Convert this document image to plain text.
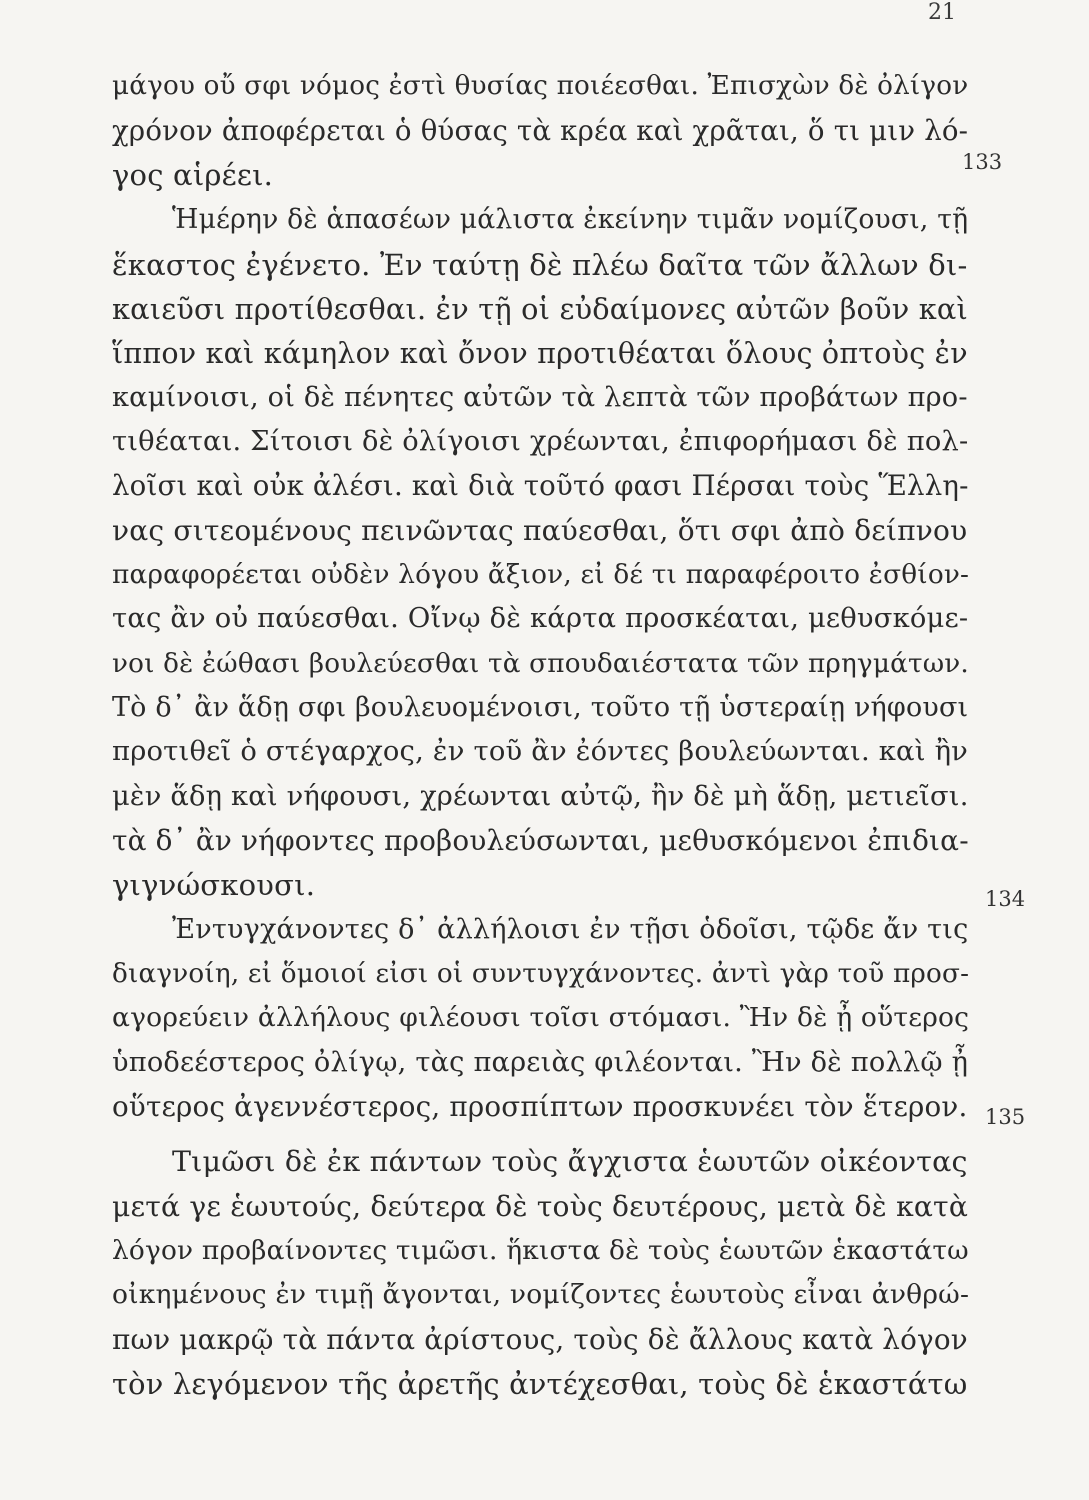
21
133
134
135
μάγου οὔ σφι νόμος ἐστὶ θυσίας ποιέεσθαι. Ἐπισχὼν δὲ ὀλίγον
χρόνον ἀποφέρεται ὁ θύσας τὰ κρέα καὶ χρᾶται, ὅ τι μιν λό-
γος αἱρέει.
Ἡμέρην δὲ ἁπασέων μάλιστα ἐκείνην τιμᾶν νομίζουσι, τῇ
ἕκαστος ἐγένετο. Ἐν ταύτῃ δὲ πλέω δαῖτα τῶν ἄλλων δι-
καιεῦσι προτίθεσθαι. ἐν τῇ οἱ εὐδαίμονες αὐτῶν βοῦν καὶ
ἵππον καὶ κάμηλον καὶ ὄνον προτιθέαται ὅλους ὀπτοὺς ἐν
καμίνοισι, οἱ δὲ πένητες αὐτῶν τὰ λεπτὰ τῶν προβάτων προ-
τιθέαται. Σίτοισι δὲ ὀλίγοισι χρέωνται, ἐπιφορήμασι δὲ πολ-
λοῖσι καὶ οὐκ ἀλέσι. καὶ διὰ τοῦτό φασι Πέρσαι τοὺς Ἕλλη-
νας σιτεομένους πεινῶντας παύεσθαι, ὅτι σφι ἀπὸ δείπνου
παραφορέεται οὐδὲν λόγου ἄξιον, εἰ δέ τι παραφέροιτο ἐσθίον-
τας ἂν οὐ παύεσθαι. Οἴνῳ δὲ κάρτα προσκέαται, μεθυσκόμε-
νοι δὲ ἐώθασι βουλεύεσθαι τὰ σπουδαιέστατα τῶν πρηγμάτων.
Τὸ δ᾽ ἂν ἅδῃ σφι βουλευομένοισι, τοῦτο τῇ ὑστεραίῃ νήφουσι
προτιθεῖ ὁ στέγαρχος, ἐν τοῦ ἂν ἐόντες βουλεύωνται. καὶ ἢν
μὲν ἅδῃ καὶ νήφουσι, χρέωνται αὐτῷ, ἢν δὲ μὴ ἅδῃ, μετιεῖσι.
τὰ δ᾽ ἂν νήφοντες προβουλεύσωνται, μεθυσκόμενοι ἐπιδια-
γιγνώσκουσι.
Ἐντυγχάνοντες δ᾽ ἀλλήλοισι ἐν τῇσι ὁδοῖσι, τῷδε ἄν τις
διαγνοίη, εἰ ὅμοιοί εἰσι οἱ συντυγχάνοντες. ἀντὶ γὰρ τοῦ προσ-
αγορεύειν ἀλλήλους φιλέουσι τοῖσι στόμασι. Ἢν δὲ ᾖ οὕτερος
ὑποδεέστερος ὀλίγῳ, τὰς παρειὰς φιλέονται. Ἢν δὲ πολλῷ ᾖ
οὕτερος ἀγεννέστερος, προσπίπτων προσκυνέει τὸν ἕτερον.
Τιμῶσι δὲ ἐκ πάντων τοὺς ἄγχιστα ἑωυτῶν οἰκέοντας
μετά γε ἑωυτούς, δεύτερα δὲ τοὺς δευτέρους, μετὰ δὲ κατὰ
λόγον προβαίνοντες τιμῶσι. ἥκιστα δὲ τοὺς ἑωυτῶν ἑκαστάτω
οἰκημένους ἐν τιμῇ ἄγονται, νομίζοντες ἑωυτοὺς εἶναι ἀνθρώ-
πων μακρῷ τὰ πάντα ἀρίστους, τοὺς δὲ ἄλλους κατὰ λόγον
τὸν λεγόμενον τῆς ἀρετῆς ἀντέχεσθαι, τοὺς δὲ ἑκαστάτω
